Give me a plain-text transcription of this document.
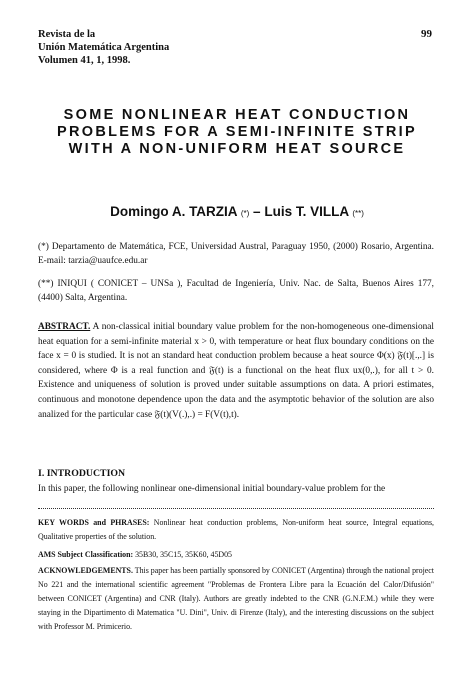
Revista de la
Unión Matemática Argentina
Volumen 41, 1, 1998.
99
SOME NONLINEAR HEAT CONDUCTION
PROBLEMS FOR A SEMI-INFINITE STRIP
WITH A NON-UNIFORM HEAT SOURCE
Domingo A. TARZIA (*) – Luis T. VILLA (**)
(*) Departamento de Matemática, FCE, Universidad Austral, Paraguay 1950, (2000) Rosario, Argentina. E-mail: tarzia@uaufce.edu.ar
(**) INIQUI ( CONICET – UNSa ), Facultad de Ingeniería, Univ. Nac. de Salta, Buenos Aires 177, (4400) Salta, Argentina.
ABSTRACT. A non-classical initial boundary value problem for the non-homogeneous one-dimensional heat equation for a semi-infinite material x > 0, with temperature or heat flux boundary conditions on the face x = 0 is studied. It is not an standard heat conduction problem because a heat source Φ(x) 𝔉(t)[.,.] is considered, where Φ is a real function and 𝔉(t) is a functional on the heat flux ux(0,.), for all t > 0. Existence and uniqueness of solution is proved under suitable assumptions on data. A priori estimates, continuous and monotone dependence upon the data and the asymptotic behavior of the solution are also analized for the particular case 𝔉(t)(V(.),.) = F(V(t),t).
I. INTRODUCTION
In this paper, the following nonlinear one-dimensional initial boundary-value problem for the
KEY WORDS and PHRASES: Nonlinear heat conduction problems, Non-uniform heat source, Integral equations, Qualitative properties of the solution.
AMS Subject Classification: 35B30, 35C15, 35K60, 45D05
ACKNOWLEDGEMENTS. This paper has been partially sponsored by CONICET (Argentina) through the national project No 221 and the international scientific agreement "Problemas de Frontera Libre para la Ecuación del Calor/Difusión" between CONICET (Argentina) and CNR (Italy). Authors are greatly indebted to the CNR (G.N.F.M.) while they were staying in the Dipartimento di Matematica "U. Dini", Univ. di Firenze (Italy), and the interesting discussions on the subject with Professor M. Primicerio.
